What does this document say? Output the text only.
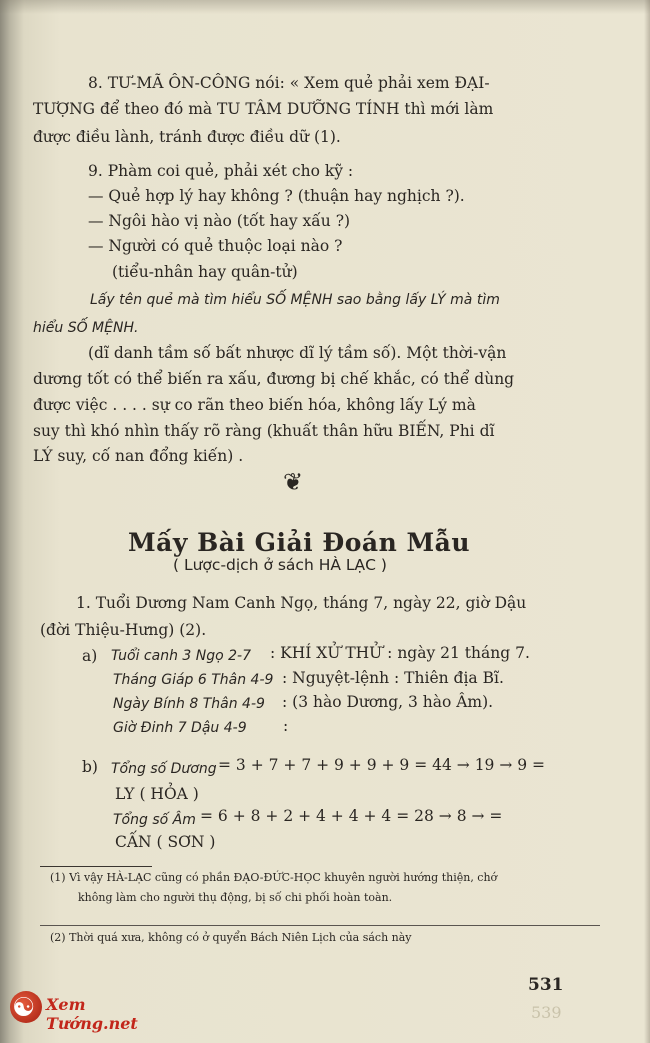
8. TƯ-MÃ ÔN-CÔNG nói: « Xem quẻ phải xem ĐẠI-
TƯỢNG để theo đó mà TU TÂM DƯỠNG TÍNH thì mới làm
được điều lành, tránh được điều dữ (1).
9. Phàm coi quẻ, phải xét cho kỹ :
— Quẻ hợp lý hay không ? (thuận hay nghịch ?).
— Ngôi hào vị nào (tốt hay xấu ?)
— Người có quẻ thuộc loại nào ?
(tiểu-nhân hay quân-tử)
Lấy tên quẻ mà tìm hiểu SỐ MỆNH sao bằng lấy LÝ mà tìm
hiểu SỐ MỆNH.
(dĩ danh tầm số bất nhược dĩ lý tầm số). Một thời-vận
dương tốt có thể biến ra xấu, đương bị chế khắc, có thể dùng
được việc . . . . sự co rãn theo biến hóa, không lấy Lý mà
suy thì khó nhìn thấy rõ ràng (khuất thân hữu BIẾN, Phi dĩ
LÝ suy, cố nan đổng kiến) .
❦
Mấy Bài Giải Đoán Mẫu
( Lược-dịch ở sách HÀ LẠC )
1. Tuổi Dương Nam Canh Ngọ, tháng 7, ngày 22, giờ Dậu
(đời Thiệu-Hưng) (2).
a) Tuổi canh 3 Ngọ 2-7 : KHÍ XỬ THỬ : ngày 21 tháng 7.
Tháng Giáp 6 Thân 4-9 : Nguyệt-lệnh : Thiên địa Bĩ.
Ngày Bính 8 Thân 4-9 : (3 hào Dương, 3 hào Âm).
Giờ Đinh 7 Dậu 4-9 :
b) Tổng số Dương = 3 + 7 + 7 + 9 + 9 + 9 = 44 → 19 → 9 =
LY ( HỎA )
Tổng số Âm = 6 + 8 + 2 + 4 + 4 + 4 = 28 → 8 → =
CẤN ( SƠN )
(1) Vì vậy HÀ-LẠC cũng có phần ĐẠO-ĐỨC-HỌC khuyên người hướng thiện, chớ
không làm cho người thụ động, bị số chi phối hoàn toàn.
(2) Thời quá xưa, không có ở quyển Bách Niên Lịch của sách này
531
539
☯ Xem Tướng.net
